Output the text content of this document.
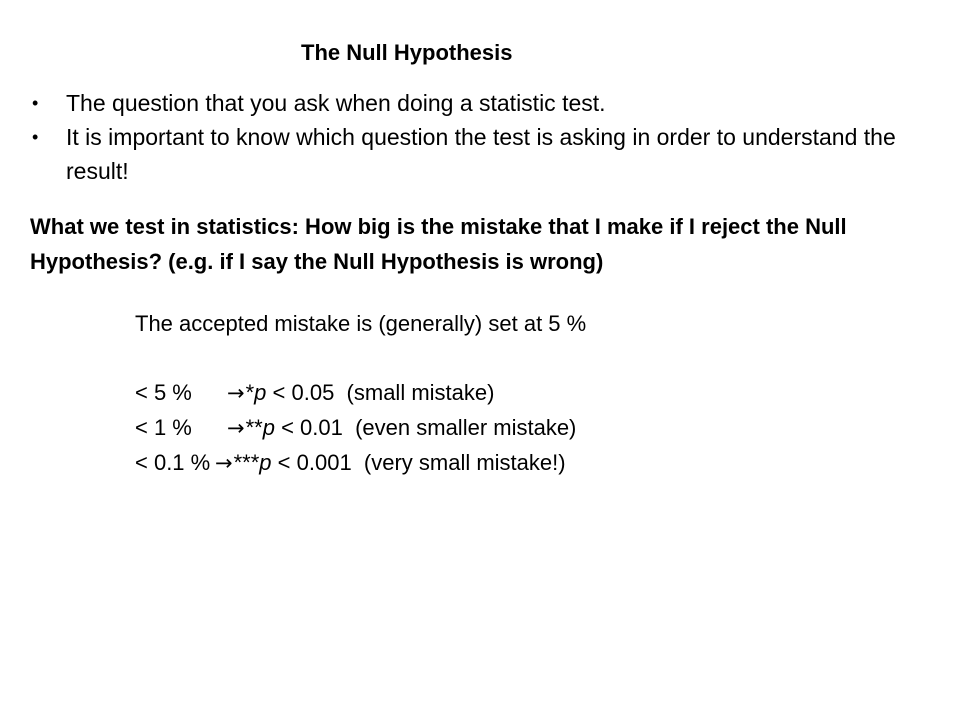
The Null Hypothesis
• The question that you ask when doing a statistic test.
• It is important to know which question the test is asking in order to understand the result!
What we test in statistics: How big is the mistake that I make if I reject the Null Hypothesis? (e.g. if I say the Null Hypothesis is wrong)
The accepted mistake is (generally) set at 5 %
< 5 % →*p < 0.05  (small mistake)
< 1 % →**p < 0.01  (even smaller mistake)
< 0.1 % →***p < 0.001  (very small mistake!)
